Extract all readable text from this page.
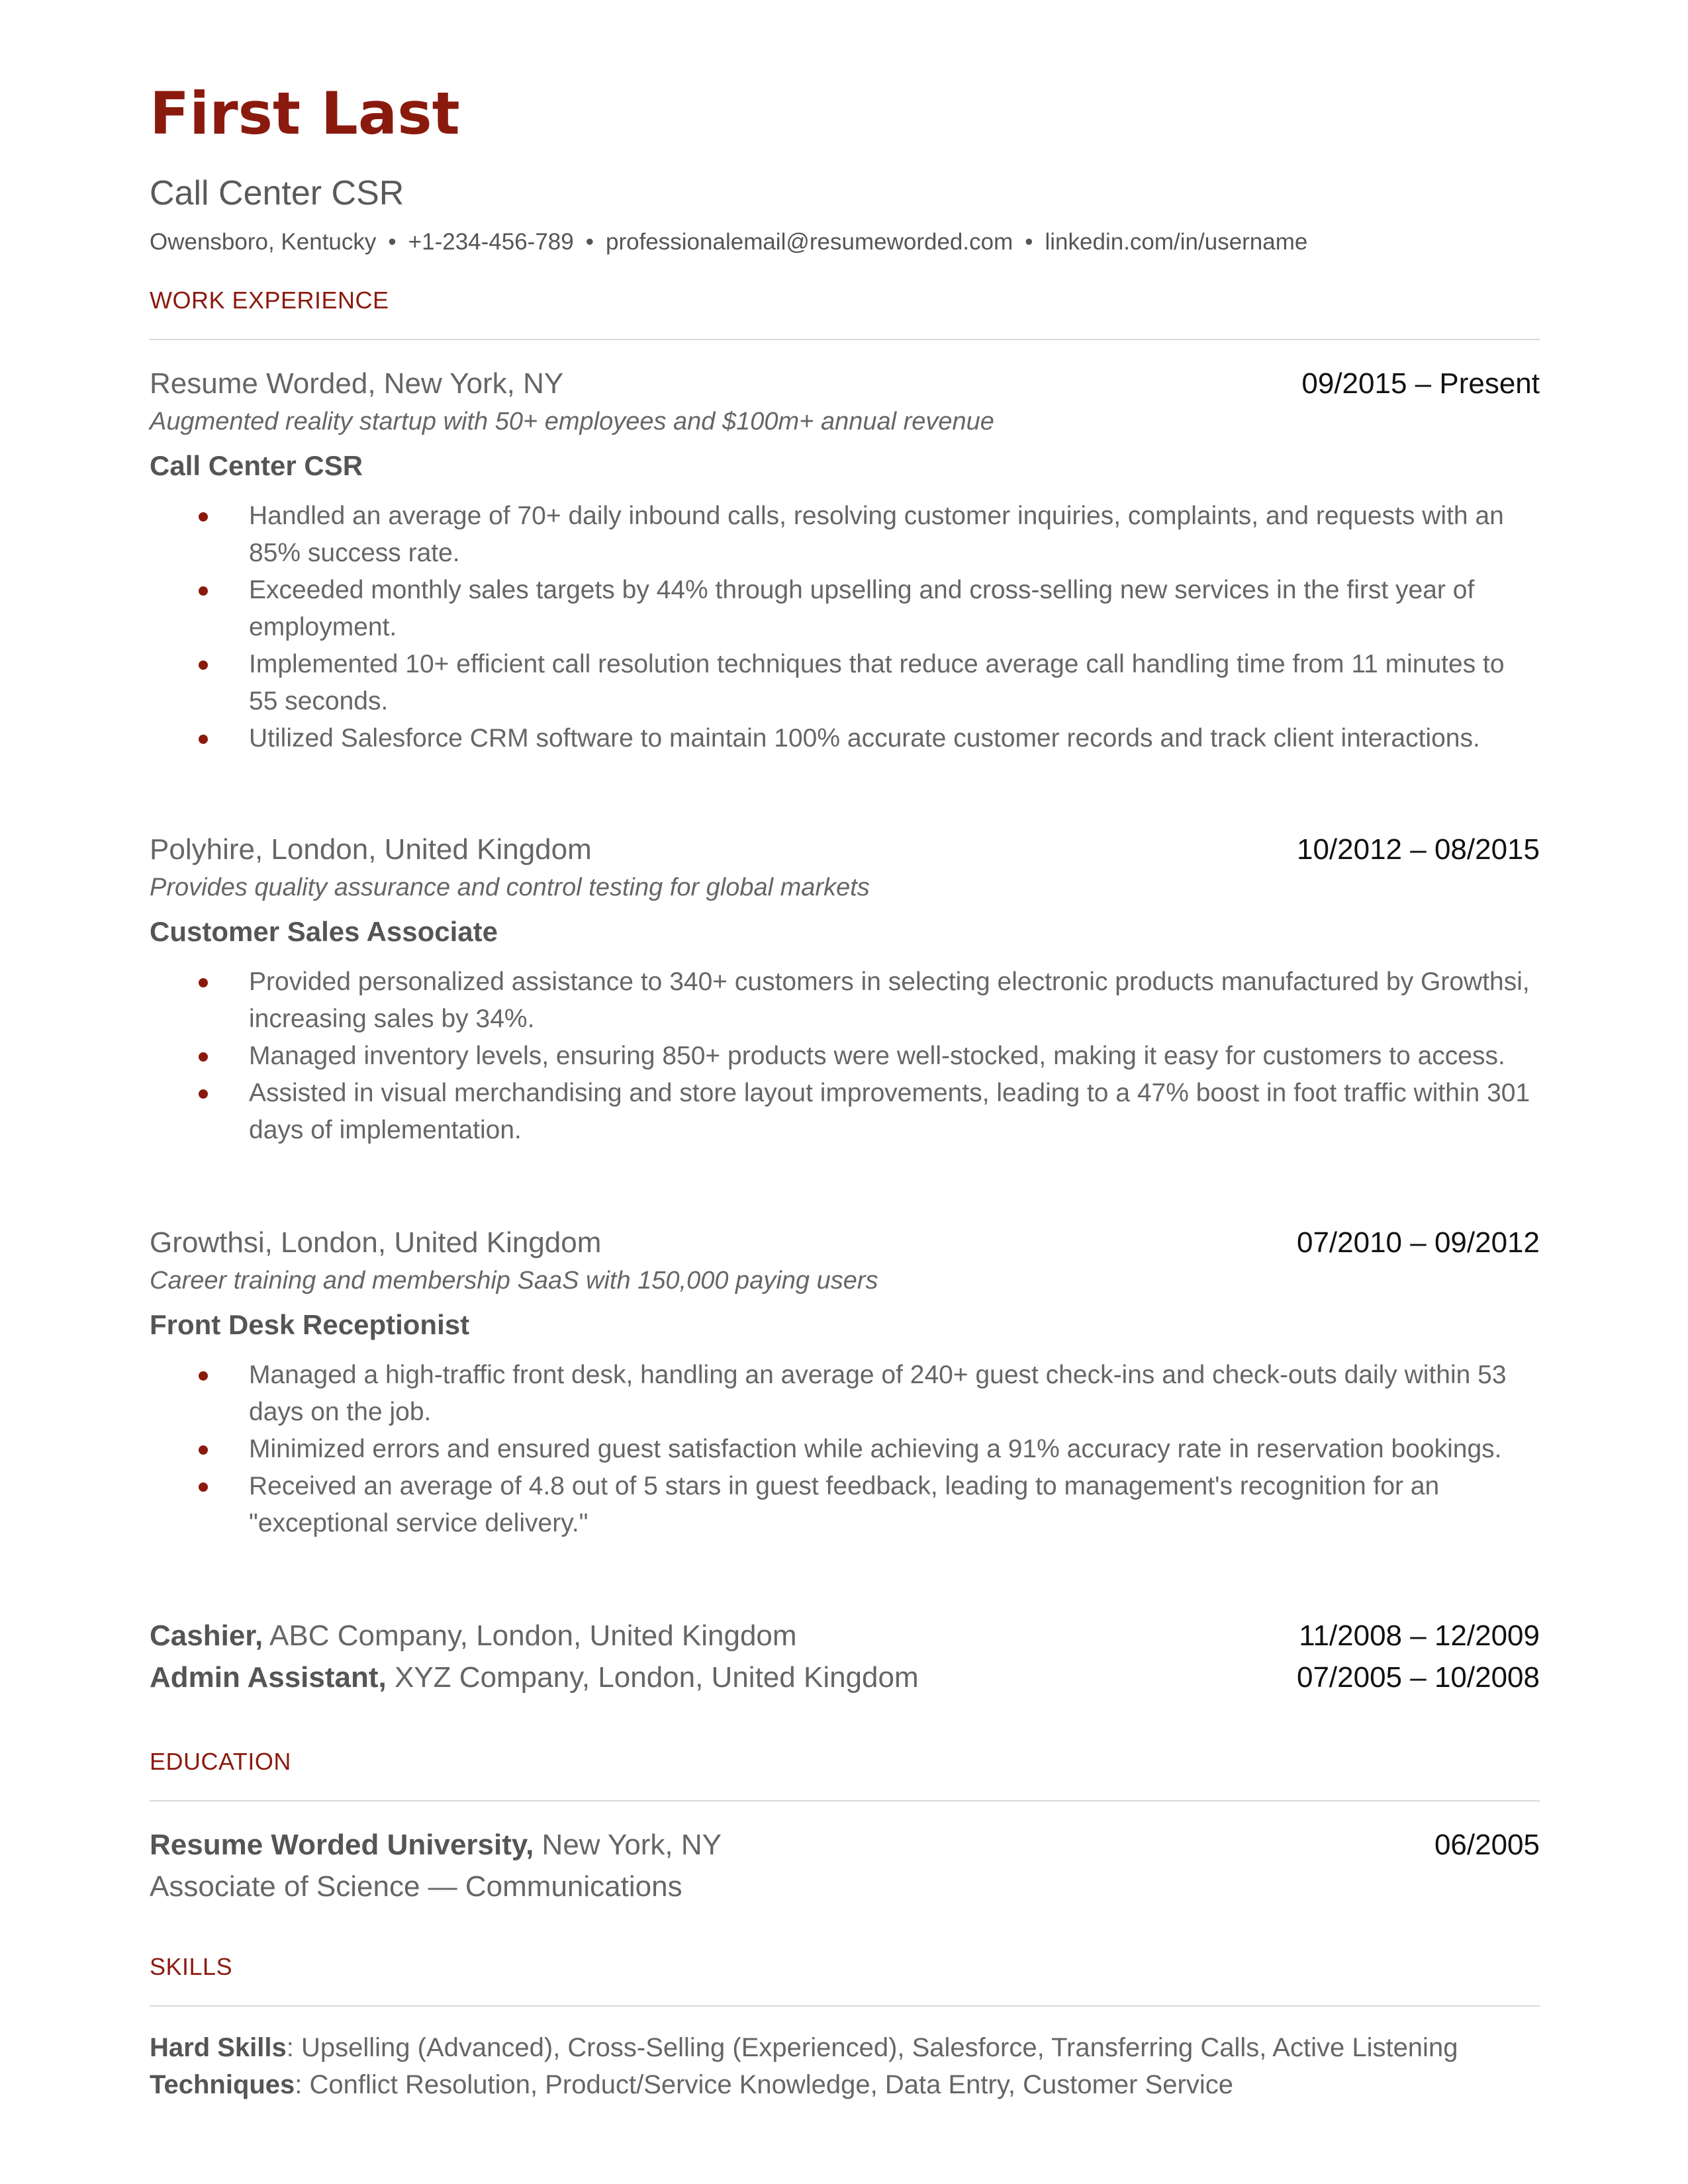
First Last
Call Center CSR
Owensboro, Kentucky • +1-234-456-789 • professionalemail@resumeworded.com • linkedin.com/in/username
WORK EXPERIENCE
Resume Worded, New York, NY	09/2015 – Present
Augmented reality startup with 50+ employees and $100m+ annual revenue
Call Center CSR
Handled an average of 70+ daily inbound calls, resolving customer inquiries, complaints, and requests with an 85% success rate.
Exceeded monthly sales targets by 44% through upselling and cross-selling new services in the first year of employment.
Implemented 10+ efficient call resolution techniques that reduce average call handling time from 11 minutes to 55 seconds.
Utilized Salesforce CRM software to maintain 100% accurate customer records and track client interactions.
Polyhire, London, United Kingdom	10/2012 – 08/2015
Provides quality assurance and control testing for global markets
Customer Sales Associate
Provided personalized assistance to 340+ customers in selecting electronic products manufactured by Growthsi, increasing sales by 34%.
Managed inventory levels, ensuring 850+ products were well-stocked, making it easy for customers to access.
Assisted in visual merchandising and store layout improvements, leading to a 47% boost in foot traffic within 301 days of implementation.
Growthsi, London, United Kingdom	07/2010 – 09/2012
Career training and membership SaaS with 150,000 paying users
Front Desk Receptionist
Managed a high-traffic front desk, handling an average of 240+ guest check-ins and check-outs daily within 53 days on the job.
Minimized errors and ensured guest satisfaction while achieving a 91% accuracy rate in reservation bookings.
Received an average of 4.8 out of 5 stars in guest feedback, leading to management's recognition for an "exceptional service delivery."
Cashier, ABC Company, London, United Kingdom	11/2008 – 12/2009
Admin Assistant, XYZ Company, London, United Kingdom	07/2005 – 10/2008
EDUCATION
Resume Worded University, New York, NY	06/2005
Associate of Science — Communications
SKILLS
Hard Skills: Upselling (Advanced), Cross-Selling (Experienced), Salesforce, Transferring Calls, Active Listening
Techniques: Conflict Resolution, Product/Service Knowledge, Data Entry, Customer Service
